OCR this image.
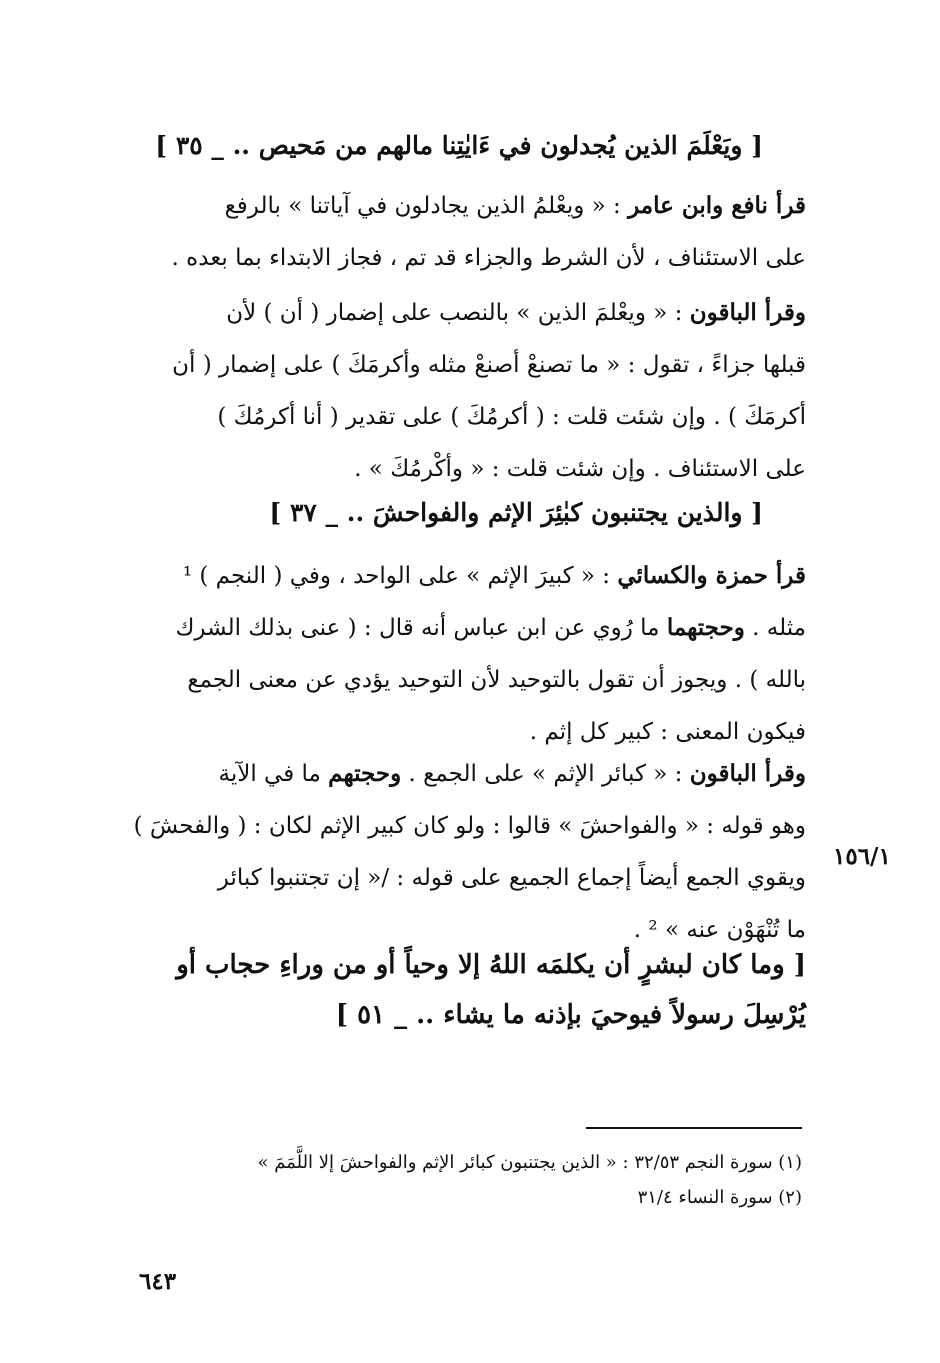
[ ويَعْلَمَ الذين يُجدلون في ءَايٰتِنا مالهم من مَحيص .. _ ٣٥ ]
قرأ نافع وابن عامر : « ويعْلمُ الذين يجادلون في آياتنا » بالرفع
على الاستئناف ، لأن الشرط والجزاء قد تم ، فجاز الابتداء بما بعده .
وقرأ الباقون : « ويعْلمَ الذين » بالنصب على إضمار ( أن ) لأن
قبلها جزاءً ، تقول : « ما تصنعْ أصنعْ مثله وأكرمَكَ ) على إضمار ( أن
أكرمَكَ ) . وإن شئت قلت : ( أكرمُكَ ) على تقدير ( أنا أكرمُكَ )
على الاستئناف . وإن شئت قلت : « وأكْرمُكَ » .
[ والذين يجتنبون كبٰئِرَ الإثم والفواحشَ .. _ ٣٧ ]
قرأ حمزة والكسائي : « كبيرَ الإثم » على الواحد ، وفي ( النجم ) ¹
مثله . وحجتهما ما رُوي عن ابن عباس أنه قال : ( عنى بذلك الشرك
بالله ) . ويجوز أن تقول بالتوحيد لأن التوحيد يؤدي عن معنى الجمع
فيكون المعنى : كبير كل إثم .
وقرأ الباقون : « كبائر الإثم » على الجمع . وحجتهم ما في الآية
وهو قوله : « والفواحشَ » قالوا : ولو كان كبير الإثم لكان : ( والفحشَ )
ويقوي الجمع أيضاً إجماع الجميع على قوله : /« إن تجتنبوا كبائر
ما تُنْهَوْن عنه » ² .
١٥٦/١
[ وما كان لبشرٍ أن يكلمَه اللهُ إلا وحياً أو من وراءِ حجاب أو
يُرْسِلَ رسولاً فيوحيَ بإذنه ما يشاء .. _ ٥١ ]
(١) سورة النجم ٣٢/٥٣ : « الذين يجتنبون كبائر الإثم والفواحشَ إلا اللَّمَمَ »
(٢) سورة النساء ٣١/٤
٦٤٣
